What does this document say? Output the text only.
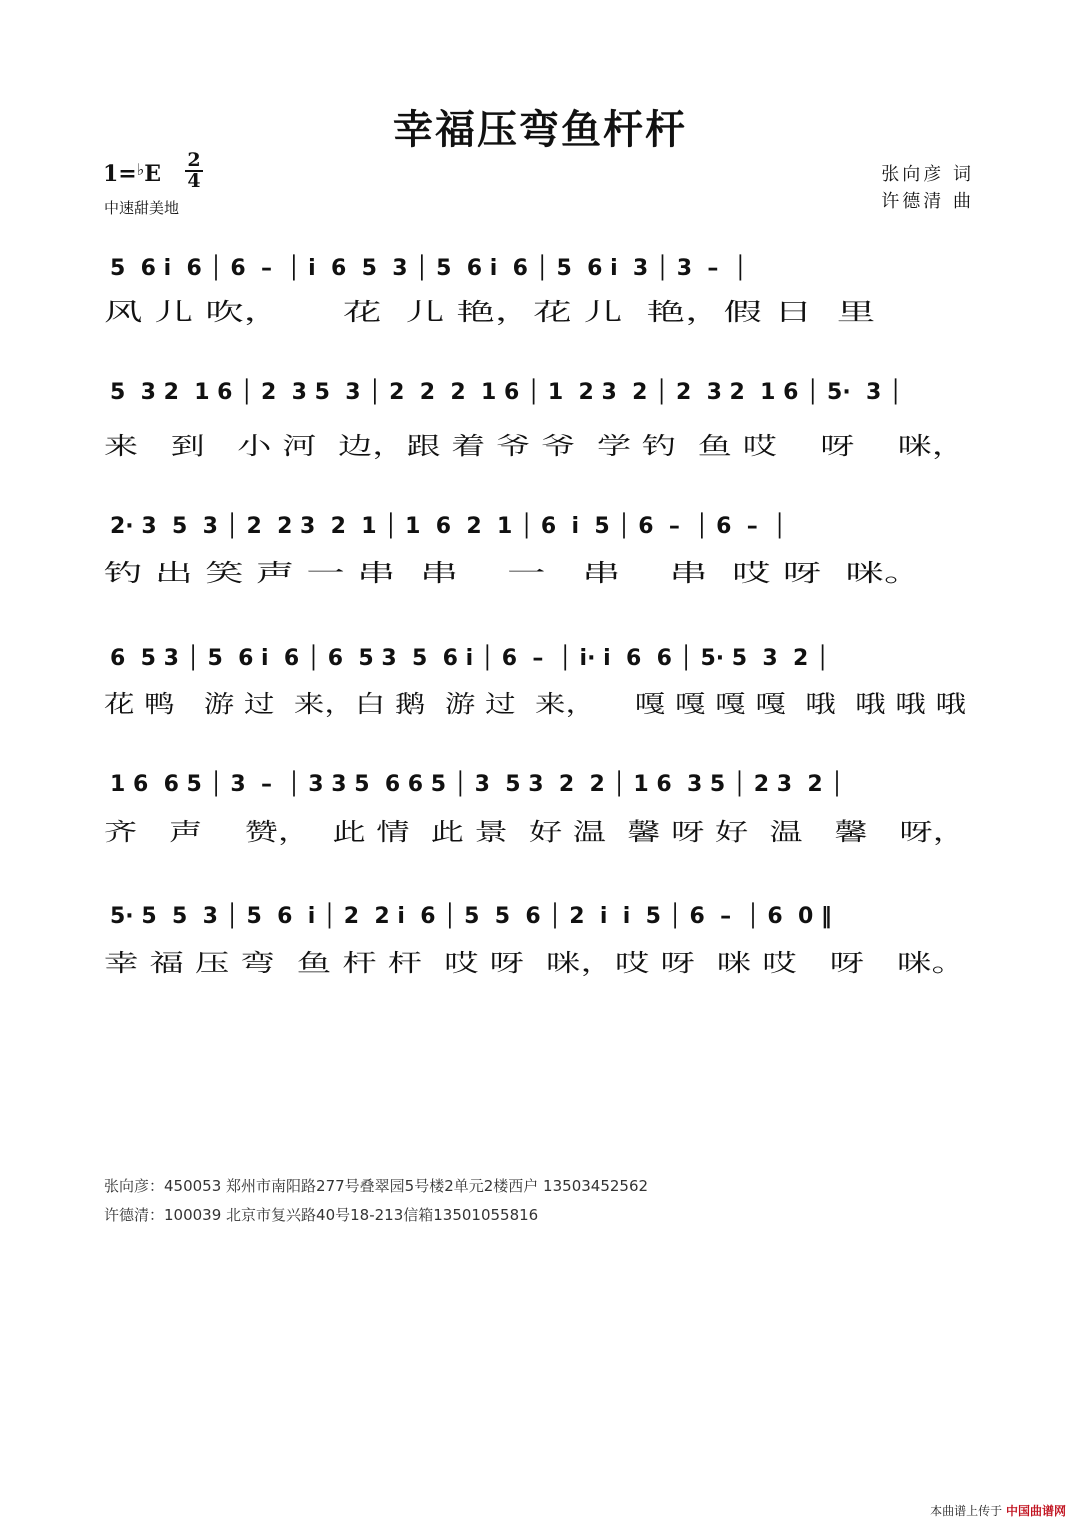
幸福压弯鱼杆杆
1=♭E
2
4
中速甜美地
张向彦 词
许德清 曲
5  6 i  6 │ 6  –  │ i  6  5  3 │ 5  6 i  6 │ 5  6 i  3 │ 3  –  │
风 儿 吹，     花  儿 艳，花 儿  艳，假 日  里
5  3 2  1 6 │ 2  3 5  3 │ 2  2  2  1 6 │ 1  2 3  2 │ 2  3 2  1 6 │ 5·  3 │
来   到   小 河  边，跟 着 爷 爷  学 钓  鱼 哎    呀    咪，
2· 3  5  3 │ 2  2 3  2  1 │ 1  6  2  1 │ 6  i  5 │ 6  –  │ 6  –  │
钓 出 笑 声 一 串  串    一   串    串  哎 呀  咪。
6  5 3 │ 5  6 i  6 │ 6  5 3  5  6 i │ 6  –  │ i· i  6  6 │ 5· 5  3  2 │
花 鸭   游 过  来，白 鹅  游 过  来，    嘎 嘎 嘎 嘎  哦  哦 哦 哦
1 6  6 5 │ 3  –  │ 3 3 5  6 6 5 │ 3  5 3  2  2 │ 1 6  3 5 │ 2 3  2 │
齐   声    赞，  此 情  此 景  好 温  馨 呀 好  温   馨   呀，
5· 5  5  3 │ 5  6  i │ 2  2 i  6 │ 5  5  6 │ 2  i  i  5 │ 6  –  │ 6  0 ‖
幸 福 压 弯  鱼 杆 杆  哎 呀  咪，哎 呀  咪 哎   呀   咪。
张向彦：450053 郑州市南阳路277号叠翠园5号楼2单元2楼西户 13503452562
许德清：100039 北京市复兴路40号18-213信箱13501055816
本曲谱上传于 中国曲谱网
